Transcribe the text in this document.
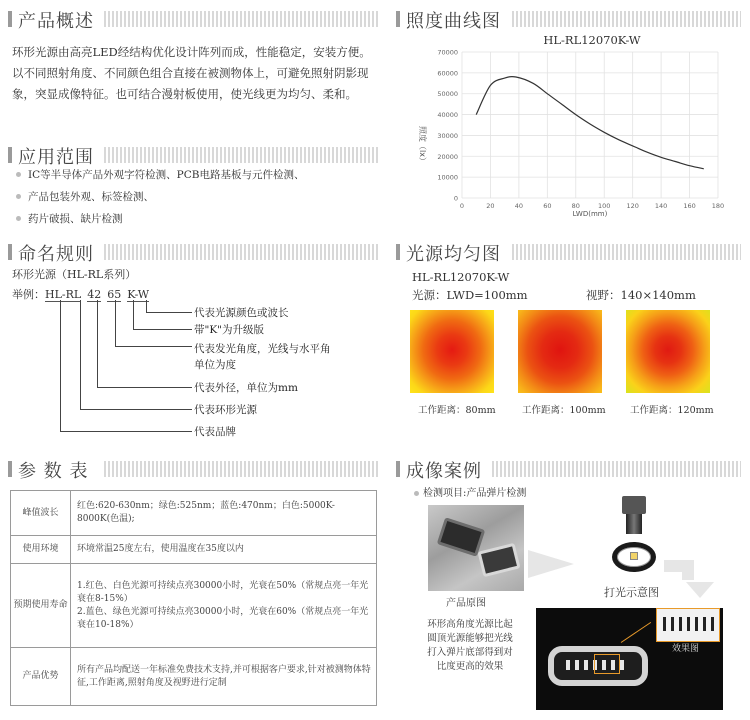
产品概述
环形光源由高亮LED经结构优化设计阵列而成，性能稳定，安装方便。以不同照射角度、不同颜色组合直接在被测物体上，可避免照射阴影现象，突显成像特征。也可结合漫射板使用，使光线更为均匀、柔和。
应用范围
IC等半导体产品外观字符检测、PCB电路基板与元件检测、
产品包装外观、标签检测、
药片破损、缺片检测
命名规则
环形光源（HL-RL系列）
举例：HL-RL 42 65 K-W
代表光源颜色或波长
带"K"为升级版
代表发光角度，光线与水平角
单位为度
代表外径，单位为mm
代表环形光源
代表品牌
参 数 表
峰值波长	红色:620-630nm；绿色:525nm；蓝色:470nm；白色:5000K-8000K(色温);
使用环境	环境常温25度左右，使用温度在35度以内
预期使用寿命	1.红色、白色光源可持续点亮30000小时，光衰在50%（常规点亮一年光衰在8-15%）
2.蓝色、绿色光源可持续点亮30000小时，光衰在60%（常规点亮一年光衰在10-18%）
产品优势	所有产品均配送一年标准免费技术支持,并可根据客户要求,针对被测物体特征,工作距离,照射角度及视野进行定制
照度曲线图
HL-RL12070K-W
0
10000
20000
30000
40000
50000
60000
70000
0	20	40	60	80	100 120 140 160 180
照度（lx）
LWD(mm)
光源均匀图
HL-RL12070K-W
光源：LWD=100mm	视野：140×140mm
工作距离：80mm	工作距离：100mm	工作距离：120mm
成像案例
检测项目:产品弹片检测
产品原图
打光示意图
效果图
环形高角度光源比起圆顶光源能够把光线打入弹片底部得到对比度更高的效果
